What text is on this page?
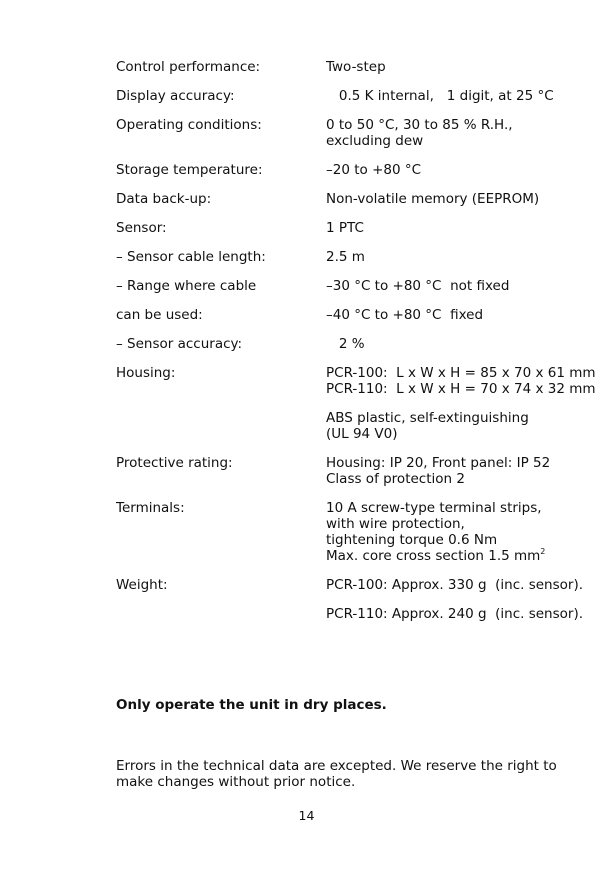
Control performance:	Two-step
Display accuracy:	  0.5 K internal,   1 digit, at 25 °C
Operating conditions:	0 to 50 °C, 30 to 85 % R.H.,
excluding dew
Storage temperature:	–20 to +80 °C
Data back-up:	Non-volatile memory (EEPROM)
Sensor:	1 PTC
– Sensor cable length:	2.5 m
– Range where cable	–30 °C to +80 °C  not fixed
can be used:	–40 °C to +80 °C  fixed
– Sensor accuracy:	  2 %
Housing:	PCR-100:  L x W x H = 85 x 70 x 61 mm
PCR-110:  L x W x H = 70 x 74 x 32 mm
ABS plastic, self-extinguishing
(UL 94 V0)
Protective rating:	Housing: IP 20, Front panel: IP 52
Class of protection 2
Terminals:	10 A screw-type terminal strips,
with wire protection,
tightening torque 0.6 Nm
Max. core cross section 1.5 $mm^2$
Weight:	PCR-100: Approx. 330 g  (inc. sensor).
PCR-110: Approx. 240 g  (inc. sensor).
Only operate the unit in dry places.
Errors in the technical data are excepted. We reserve the right to make changes without prior notice.
14
